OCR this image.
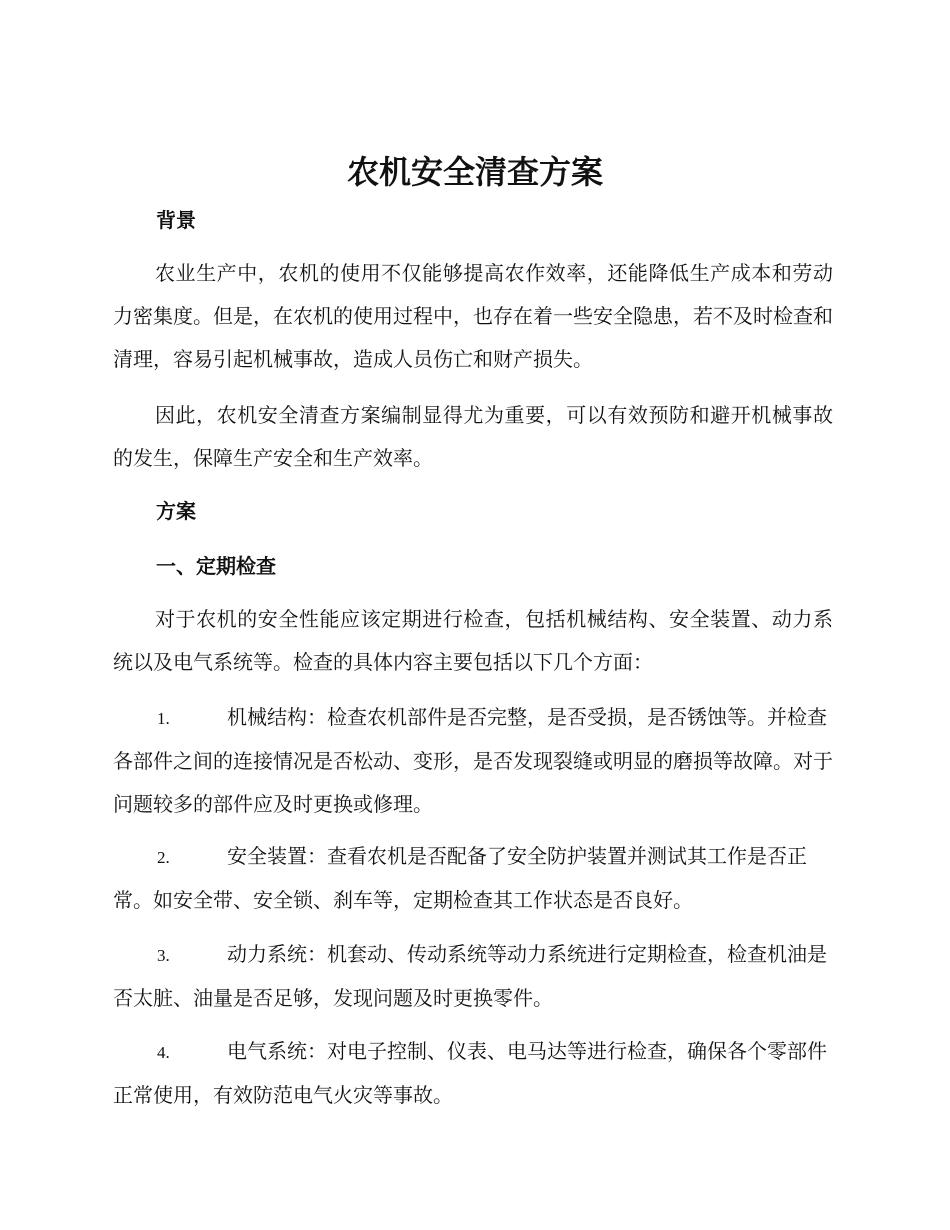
农机安全清查方案
背景

农业生产中，农机的使用不仅能够提高农作效率，还能降低生产成本和劳动力密集度。但是，在农机的使用过程中，也存在着一些安全隐患，若不及时检查和清理，容易引起机械事故，造成人员伤亡和财产损失。

因此，农机安全清查方案编制显得尤为重要，可以有效预防和避开机械事故的发生，保障生产安全和生产效率。

方案
一、定期检查

对于农机的安全性能应该定期进行检查，包括机械结构、安全装置、动力系统以及电气系统等。检查的具体内容主要包括以下几个方面：

1.	机械结构：检查农机部件是否完整，是否受损，是否锈蚀等。并检查各部件之间的连接情况是否松动、变形，是否发现裂缝或明显的磨损等故障。对于问题较多的部件应及时更换或修理。

2.	安全装置：查看农机是否配备了安全防护装置并测试其工作是否正常。如安全带、安全锁、刹车等，定期检查其工作状态是否良好。

3.	动力系统：机套动、传动系统等动力系统进行定期检查，检查机油是否太脏、油量是否足够，发现问题及时更换零件。

4.	电气系统：对电子控制、仪表、电马达等进行检查，确保各个零部件正常使用，有效防范电气火灾等事故。
